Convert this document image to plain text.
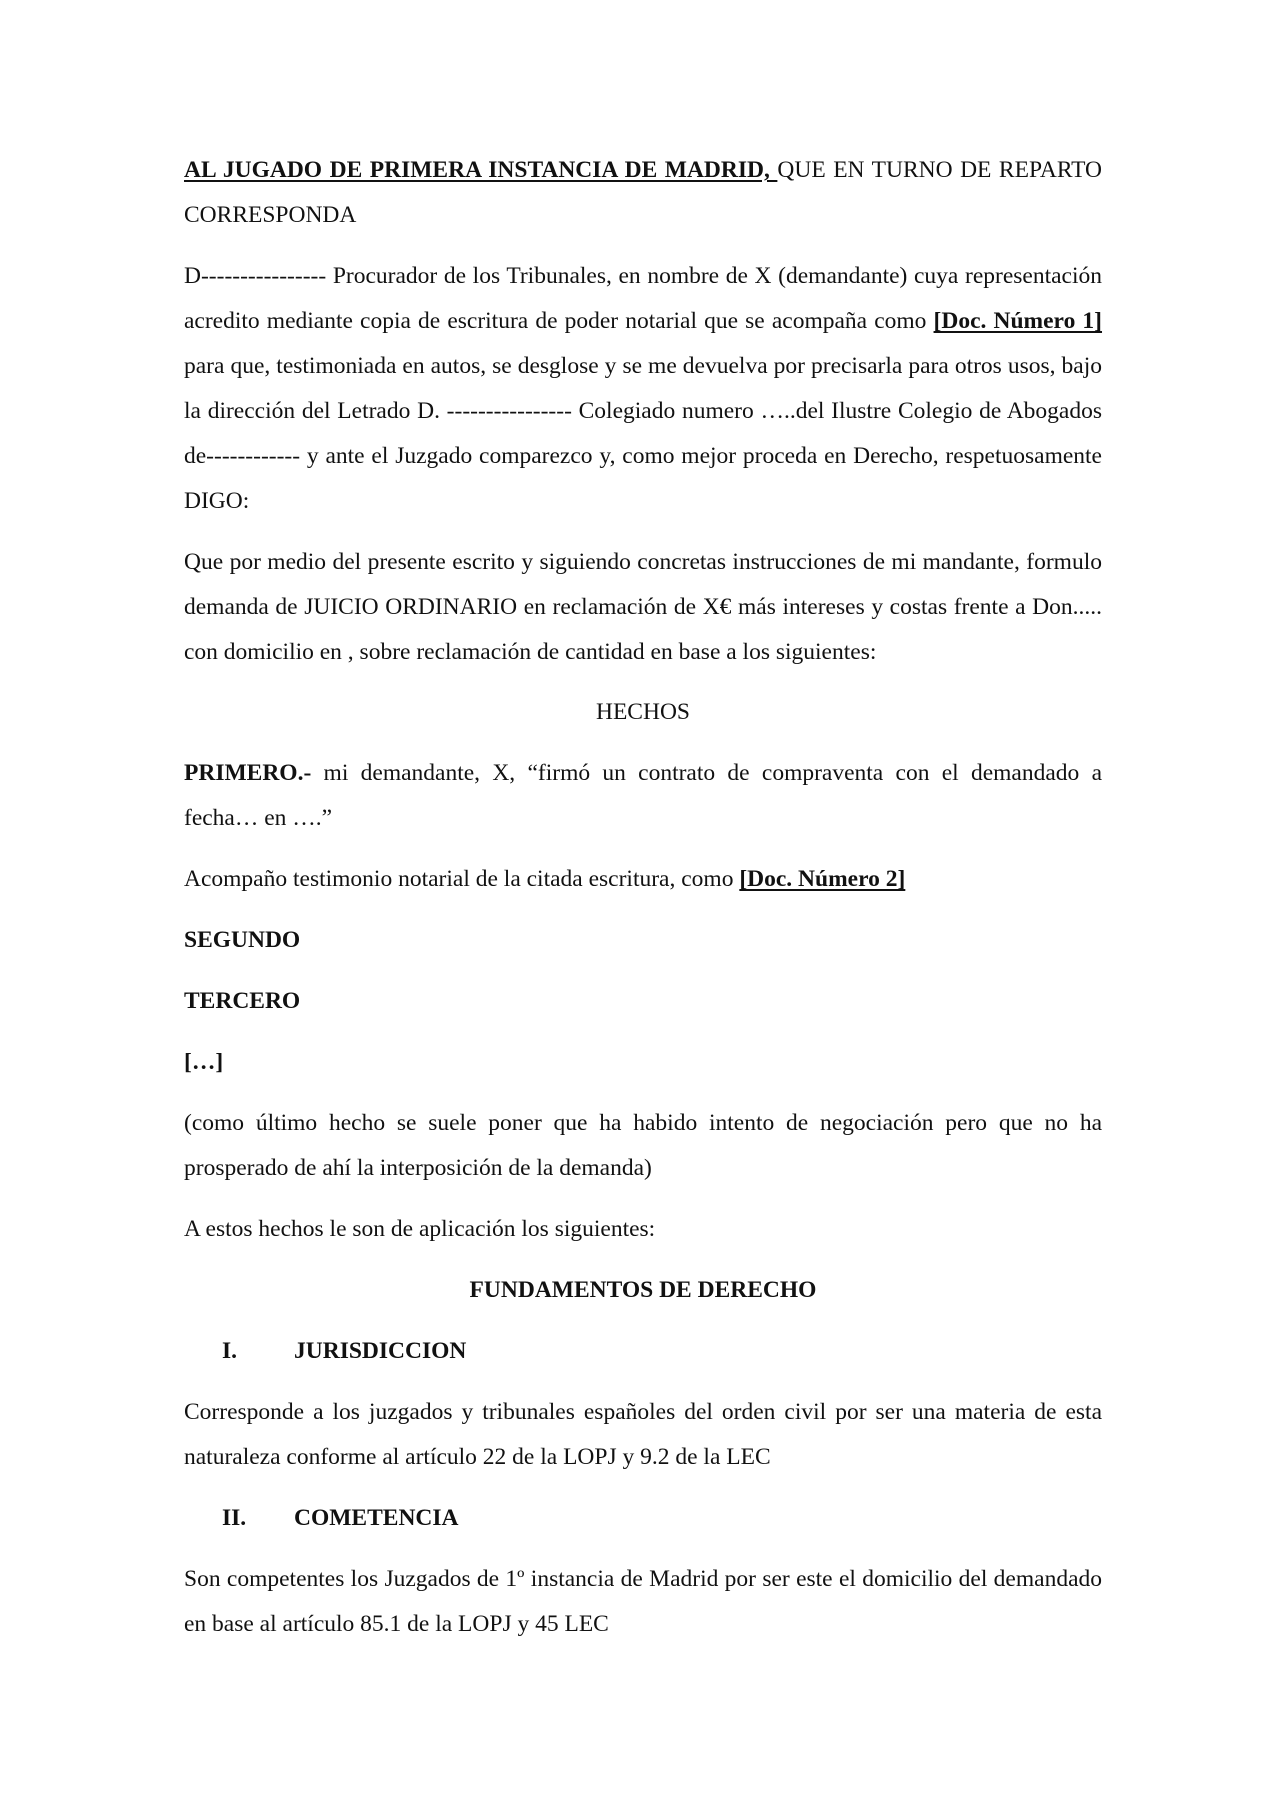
AL JUGADO DE PRIMERA INSTANCIA DE MADRID, QUE EN TURNO DE REPARTO CORRESPONDA

D---------------- Procurador de los Tribunales, en nombre de X (demandante) cuya representación acredito mediante copia de escritura de poder notarial que se acompaña como [Doc. Número 1] para que, testimoniada en autos, se desglose y se me devuelva por precisarla para otros usos, bajo la dirección del Letrado D. ---------------- Colegiado numero …..del Ilustre Colegio de Abogados de------------ y ante el Juzgado comparezco y, como mejor proceda en Derecho, respetuosamente DIGO:

Que por medio del presente escrito y siguiendo concretas instrucciones de mi mandante, formulo demanda de JUICIO ORDINARIO en reclamación de X€ más intereses y costas frente a Don..... con domicilio en , sobre reclamación de cantidad en base a los siguientes:

HECHOS

PRIMERO.- mi demandante, X, “firmó un contrato de compraventa con el demandado a fecha… en ….”

Acompaño testimonio notarial de la citada escritura, como [Doc. Número 2]

SEGUNDO

TERCERO

[…]

(como último hecho se suele poner que ha habido intento de negociación pero que no ha prosperado de ahí la interposición de la demanda)

A estos hechos le son de aplicación los siguientes:

FUNDAMENTOS DE DERECHO

I.	JURISDICCION

Corresponde a los juzgados y tribunales españoles del orden civil por ser una materia de esta naturaleza conforme al artículo 22 de la LOPJ y 9.2 de la LEC

II.	COMETENCIA

Son competentes los Juzgados de 1º instancia de Madrid por ser este el domicilio del demandado en base al artículo 85.1 de la LOPJ y 45 LEC
